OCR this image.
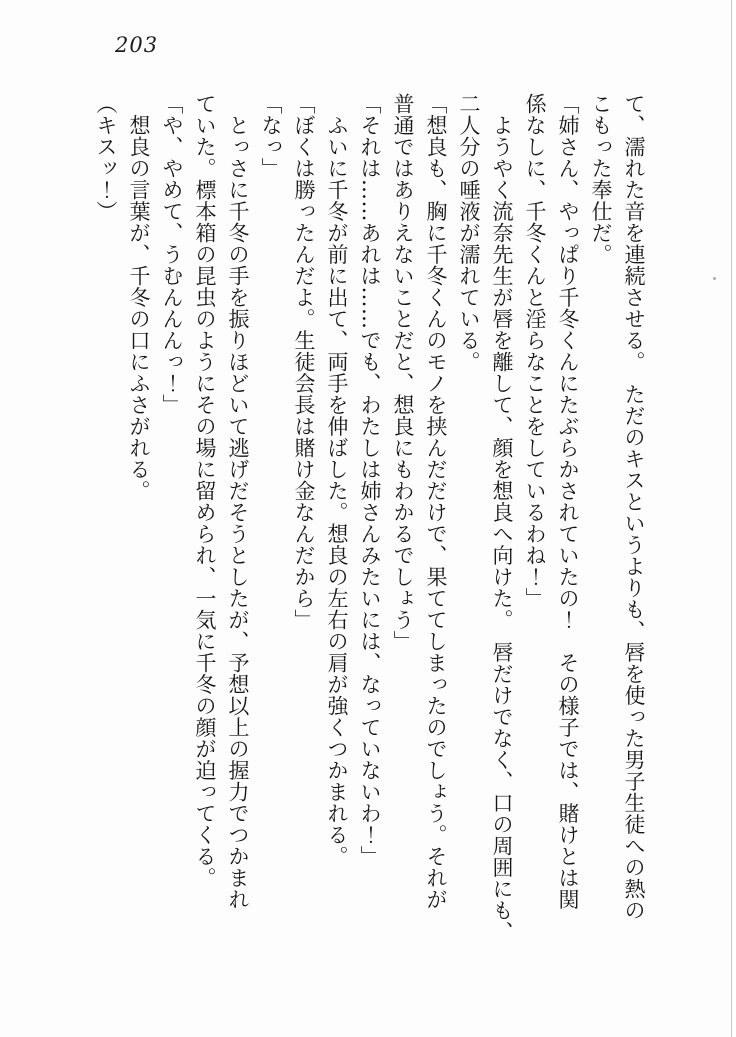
203
て、濡れた音を連続させる。　ただのキスというよりも、唇を使った男子生徒への熱の
こもった奉仕だ。
「姉さん、やっぱり千冬くんにたぶらかされていたの！　その様子では、賭けとは関
係なしに、千冬くんと淫らなことをしているわね！」
　ようやく流奈先生が唇を離して、顔を想良へ向けた。　唇だけでなく、口の周囲にも、
二人分の唾液が濡れている。
「想良も、胸に千冬くんのモノを挟んだだけで、果ててしまったのでしょう。それが
普通ではありえないことだと、想良にもわかるでしょう」
「それは……あれは……でも、わたしは姉さんみたいには、なっていないわ！」
　ふいに千冬が前に出て、両手を伸ばした。想良の左右の肩が強くつかまれる。
「ぼくは勝ったんだよ。生徒会長は賭け金なんだから」
「なっ」
　とっさに千冬の手を振りほどいて逃げだそうとしたが、予想以上の握力でつかまれ
ていた。標本箱の昆虫のようにその場に留められ、一気に千冬の顔が迫ってくる。
「や、やめて、うむんんんっ！」
　想良の言葉が、千冬の口にふさがれる。
（キスッ！）
